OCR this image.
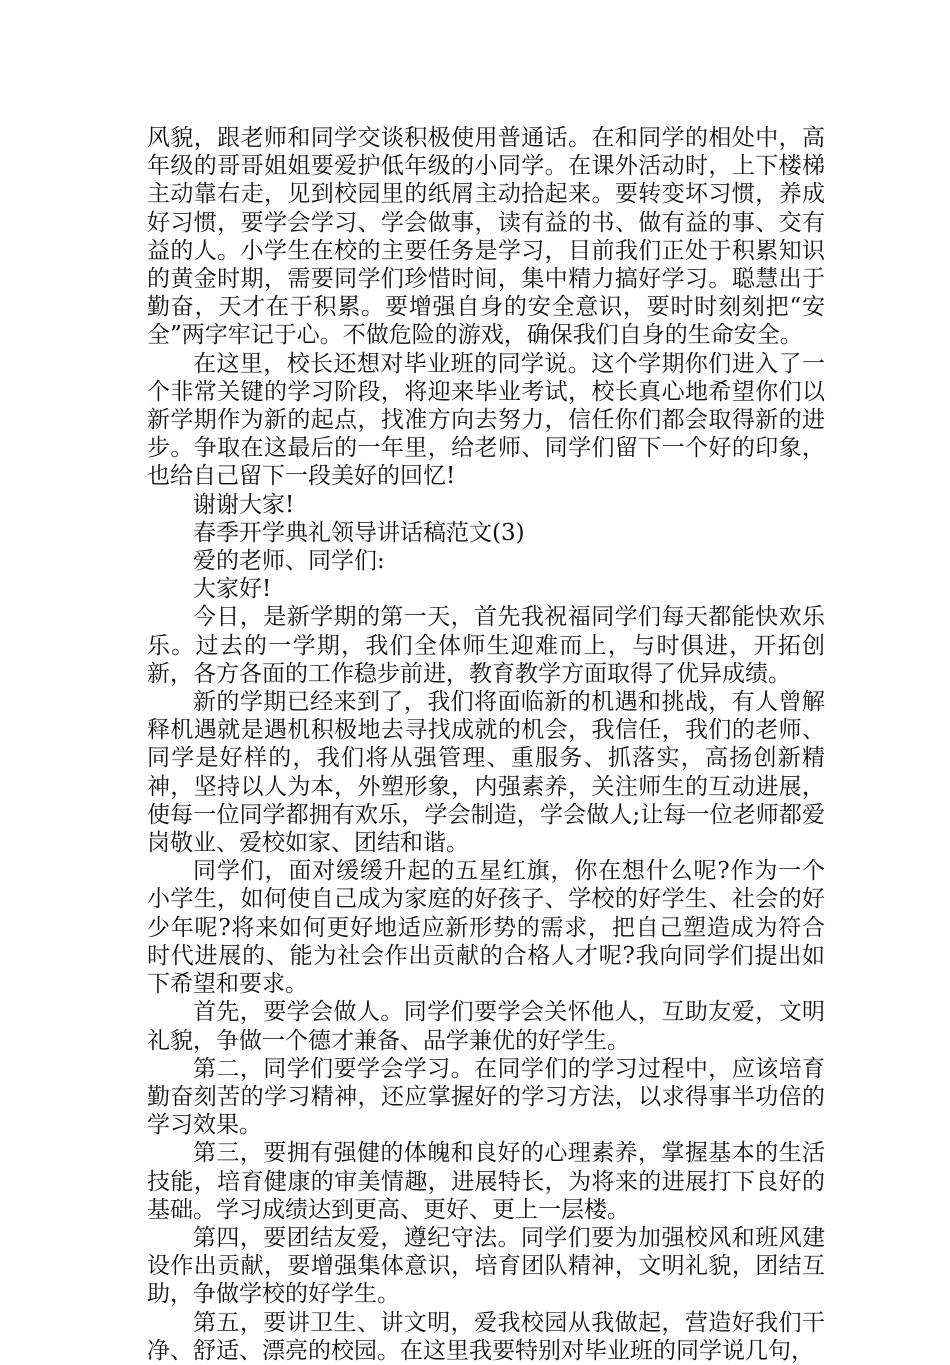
风貌，跟老师和同学交谈积极使用普通话。在和同学的相处中，高年级的哥哥姐姐要爱护低年级的小同学。在课外活动时，上下楼梯主动靠右走，见到校园里的纸屑主动拾起来。要转变坏习惯，养成好习惯，要学会学习、学会做事，读有益的书、做有益的事、交有益的人。小学生在校的主要任务是学习，目前我们正处于积累知识的黄金时期，需要同学们珍惜时间，集中精力搞好学习。聪慧出于勤奋，天才在于积累。要增强自身的安全意识，要时时刻刻把“安全”两字牢记于心。不做危险的游戏，确保我们自身的生命安全。

在这里，校长还想对毕业班的同学说。这个学期你们进入了一个非常关键的学习阶段，将迎来毕业考试，校长真心地希望你们以新学期作为新的起点，找准方向去努力，信任你们都会取得新的进步。争取在这最后的一年里，给老师、同学们留下一个好的印象，也给自己留下一段美好的回忆!

谢谢大家!

春季开学典礼领导讲话稿范文(3)

爱的老师、同学们:

大家好!

今日，是新学期的第一天，首先我祝福同学们每天都能快欢乐乐。过去的一学期，我们全体师生迎难而上，与时俱进，开拓创新，各方各面的工作稳步前进，教育教学方面取得了优异成绩。

新的学期已经来到了，我们将面临新的机遇和挑战，有人曾解释机遇就是遇机积极地去寻找成就的机会，我信任，我们的老师、同学是好样的，我们将从强管理、重服务、抓落实，高扬创新精神，坚持以人为本，外塑形象，内强素养，关注师生的互动进展，使每一位同学都拥有欢乐，学会制造，学会做人;让每一位老师都爱岗敬业、爱校如家、团结和谐。

同学们，面对缓缓升起的五星红旗，你在想什么呢?作为一个小学生，如何使自己成为家庭的好孩子、学校的好学生、社会的好少年呢?将来如何更好地适应新形势的需求，把自己塑造成为符合时代进展的、能为社会作出贡献的合格人才呢?我向同学们提出如下希望和要求。

首先，要学会做人。同学们要学会关怀他人，互助友爱，文明礼貌，争做一个德才兼备、品学兼优的好学生。

第二，同学们要学会学习。在同学们的学习过程中，应该培育勤奋刻苦的学习精神，还应掌握好的学习方法，以求得事半功倍的学习效果。

第三，要拥有强健的体魄和良好的心理素养，掌握基本的生活技能，培育健康的审美情趣，进展特长，为将来的进展打下良好的基础。学习成绩达到更高、更好、更上一层楼。

第四，要团结友爱，遵纪守法。同学们要为加强校风和班风建设作出贡献，要增强集体意识，培育团队精神，文明礼貌，团结互助，争做学校的好学生。

第五，要讲卫生、讲文明，爱我校园从我做起，营造好我们干净、舒适、漂亮的校园。在这里我要特别对毕业班的同学说几句，
